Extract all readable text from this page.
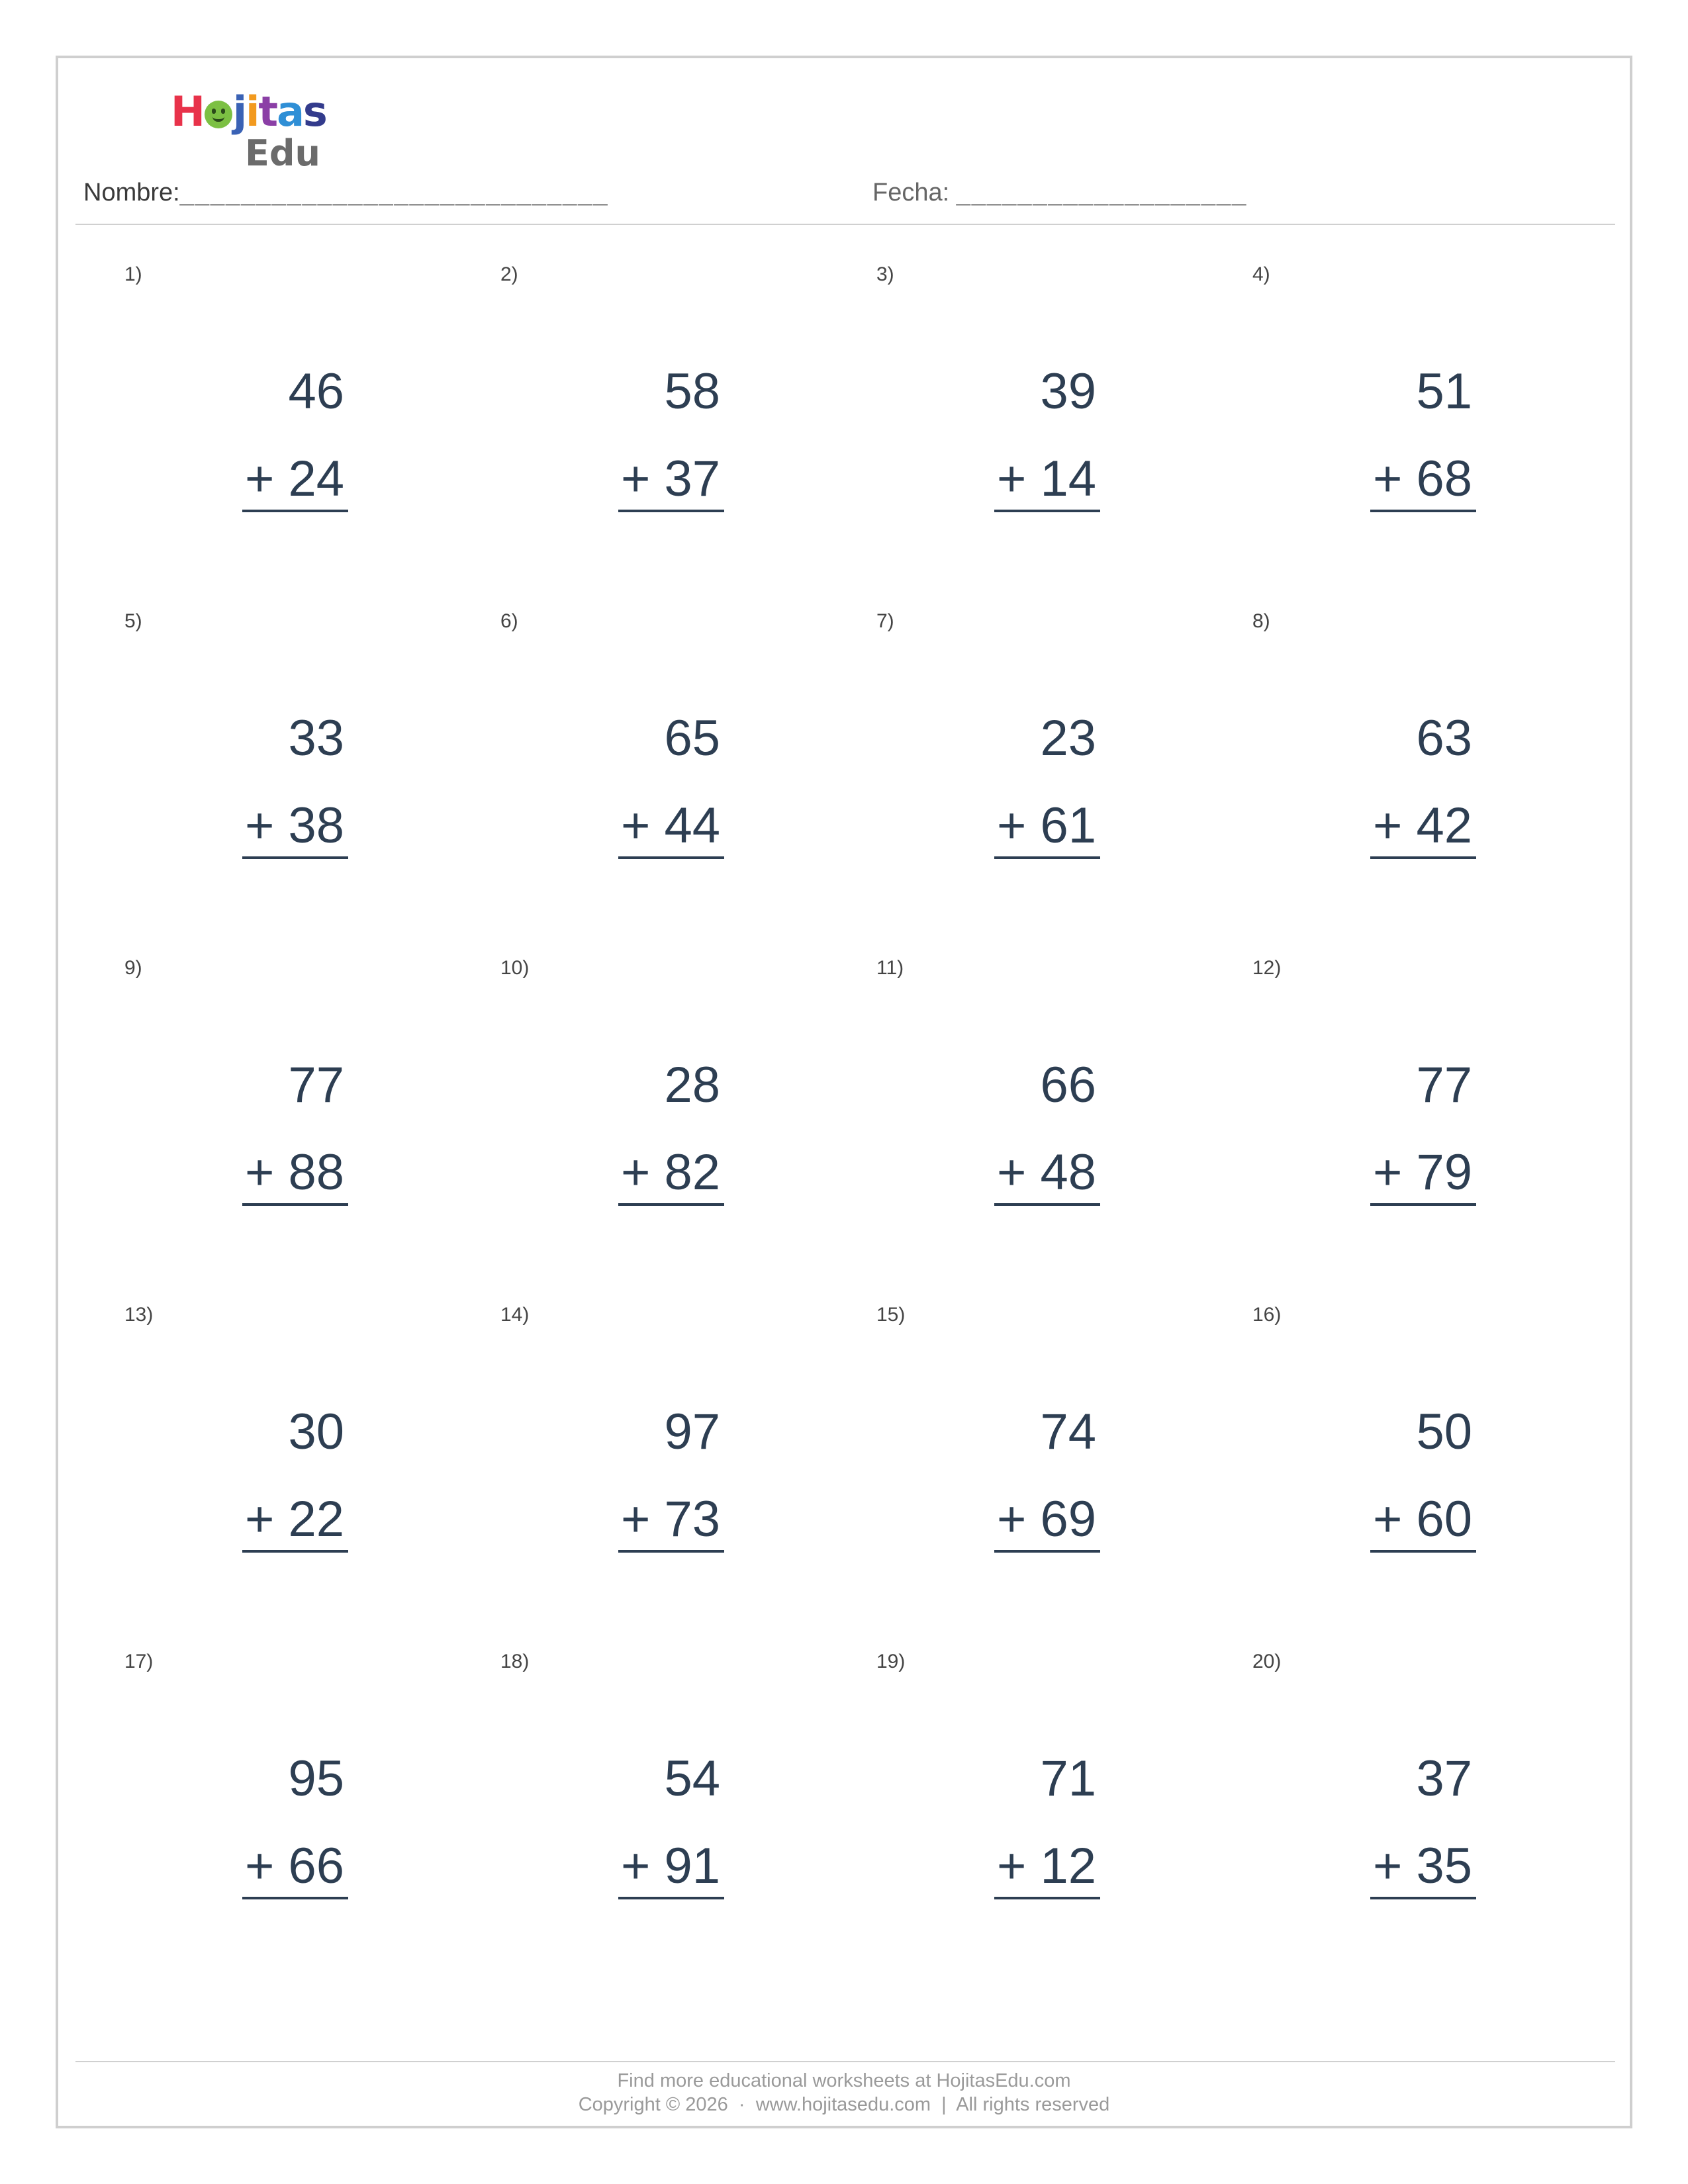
H jitas
Edu
Nombre:____________________________	Fecha: ___________________
1)
46
+ 24
2)
58
+ 37
3)
39
+ 14
4)
51
+ 68
5)
33
+ 38
6)
65
+ 44
7)
23
+ 61
8)
63
+ 42
9)
77
+ 88
10)
28
+ 82
11)
66
+ 48
12)
77
+ 79
13)
30
+ 22
14)
97
+ 73
15)
74
+ 69
16)
50
+ 60
17)
95
+ 66
18)
54
+ 91
19)
71
+ 12
20)
37
+ 35
Find more educational worksheets at HojitasEdu.com
Copyright © 2026  ·  www.hojitasedu.com  |  All rights reserved
